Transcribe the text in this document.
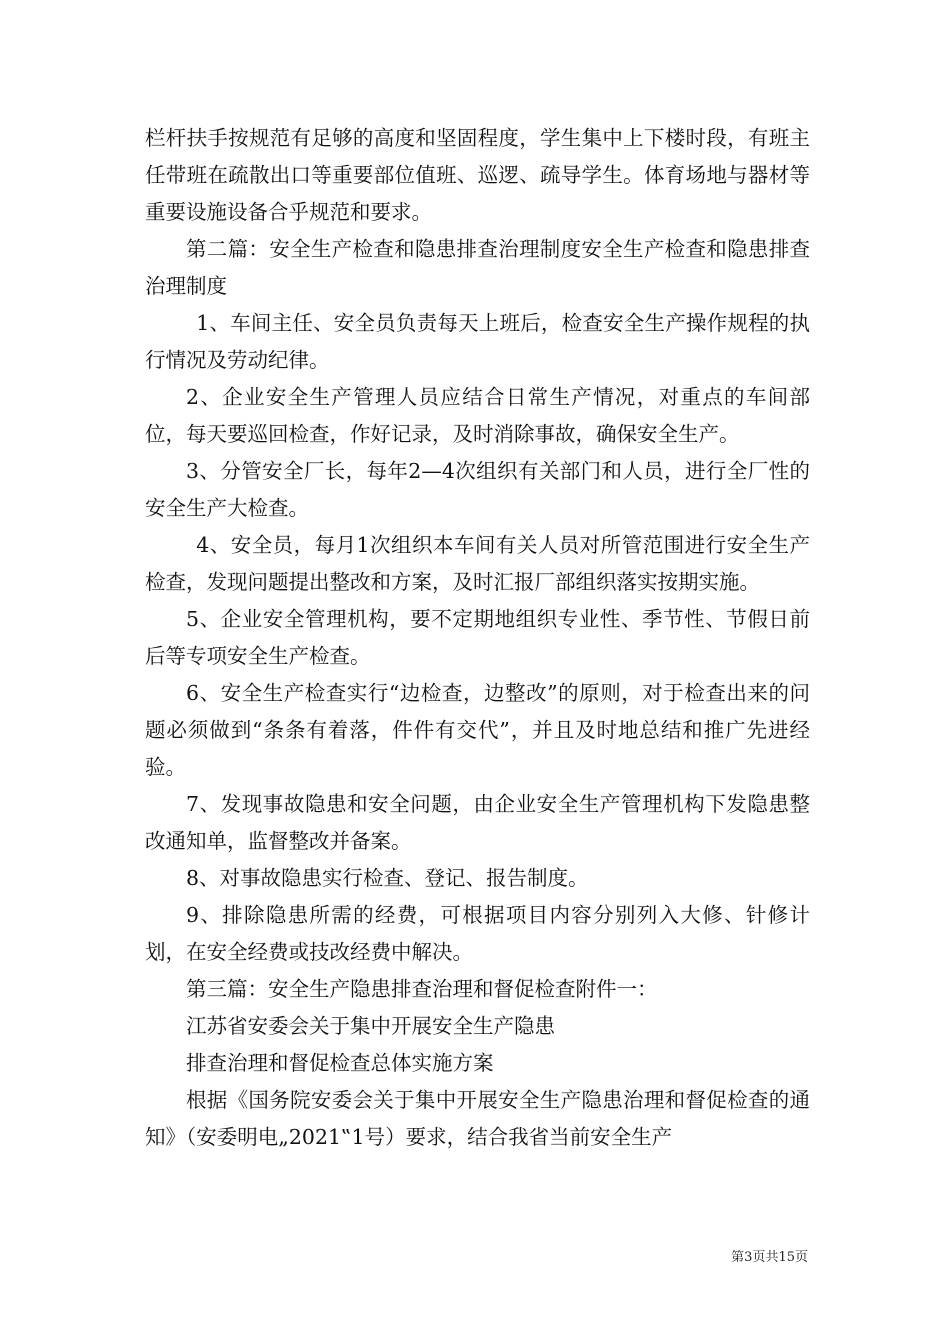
栏杆扶手按规范有足够的高度和坚固程度，学生集中上下楼时段，有班主任带班在疏散出口等重要部位值班、巡逻、疏导学生。体育场地与器材等重要设施设备合乎规范和要求。

第二篇：安全生产检查和隐患排查治理制度安全生产检查和隐患排查治理制度

1、车间主任、安全员负责每天上班后，检查安全生产操作规程的执行情况及劳动纪律。

2、企业安全生产管理人员应结合日常生产情况，对重点的车间部位，每天要巡回检查，作好记录，及时消除事故，确保安全生产。

3、分管安全厂长，每年2—4次组织有关部门和人员，进行全厂性的安全生产大检查。

4、安全员，每月1次组织本车间有关人员对所管范围进行安全生产检查，发现问题提出整改和方案，及时汇报厂部组织落实按期实施。

5、企业安全管理机构，要不定期地组织专业性、季节性、节假日前后等专项安全生产检查。

6、安全生产检查实行“边检查，边整改”的原则，对于检查出来的问题必须做到“条条有着落，件件有交代”，并且及时地总结和推广先进经验。

7、发现事故隐患和安全问题，由企业安全生产管理机构下发隐患整改通知单，监督整改并备案。

8、对事故隐患实行检查、登记、报告制度。

9、排除隐患所需的经费，可根据项目内容分别列入大修、针修计划，在安全经费或技改经费中解决。

第三篇：安全生产隐患排查治理和督促检查附件一：

江苏省安委会关于集中开展安全生产隐患

排查治理和督促检查总体实施方案

根据《国务院安委会关于集中开展安全生产隐患治理和督促检查的通知》（安委明电„2021‟1号）要求，结合我省当前安全生产

第3页共15页
